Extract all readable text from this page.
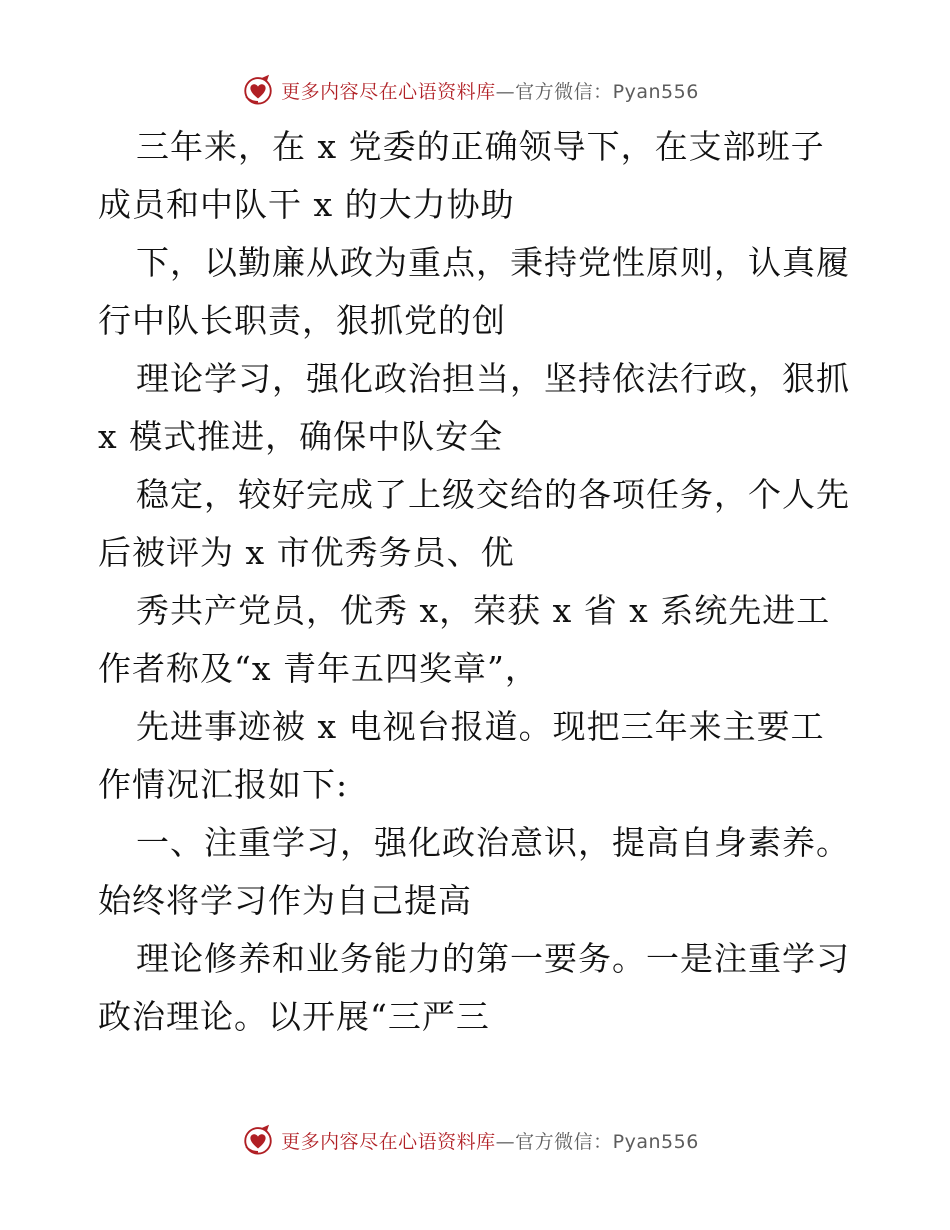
更多内容尽在心语资料库—官方微信：Pyan556
三年来，在 x 党委的正确领导下，在支部班子
成员和中队干 x 的大力协助
下，以勤廉从政为重点，秉持党性原则，认真履
行中队长职责，狠抓党的创
理论学习，强化政治担当，坚持依法行政，狠抓
x 模式推进，确保中队安全
稳定，较好完成了上级交给的各项任务，个人先
后被评为 x 市优秀务员、优
秀共产党员，优秀 x，荣获 x 省 x 系统先进工
作者称及“x 青年五四奖章”，
先进事迹被 x 电视台报道。现把三年来主要工
作情况汇报如下:
一、注重学习，强化政治意识，提高自身素养。
始终将学习作为自己提高
理论修养和业务能力的第一要务。一是注重学习
政治理论。以开展“三严三
更多内容尽在心语资料库—官方微信：Pyan556
